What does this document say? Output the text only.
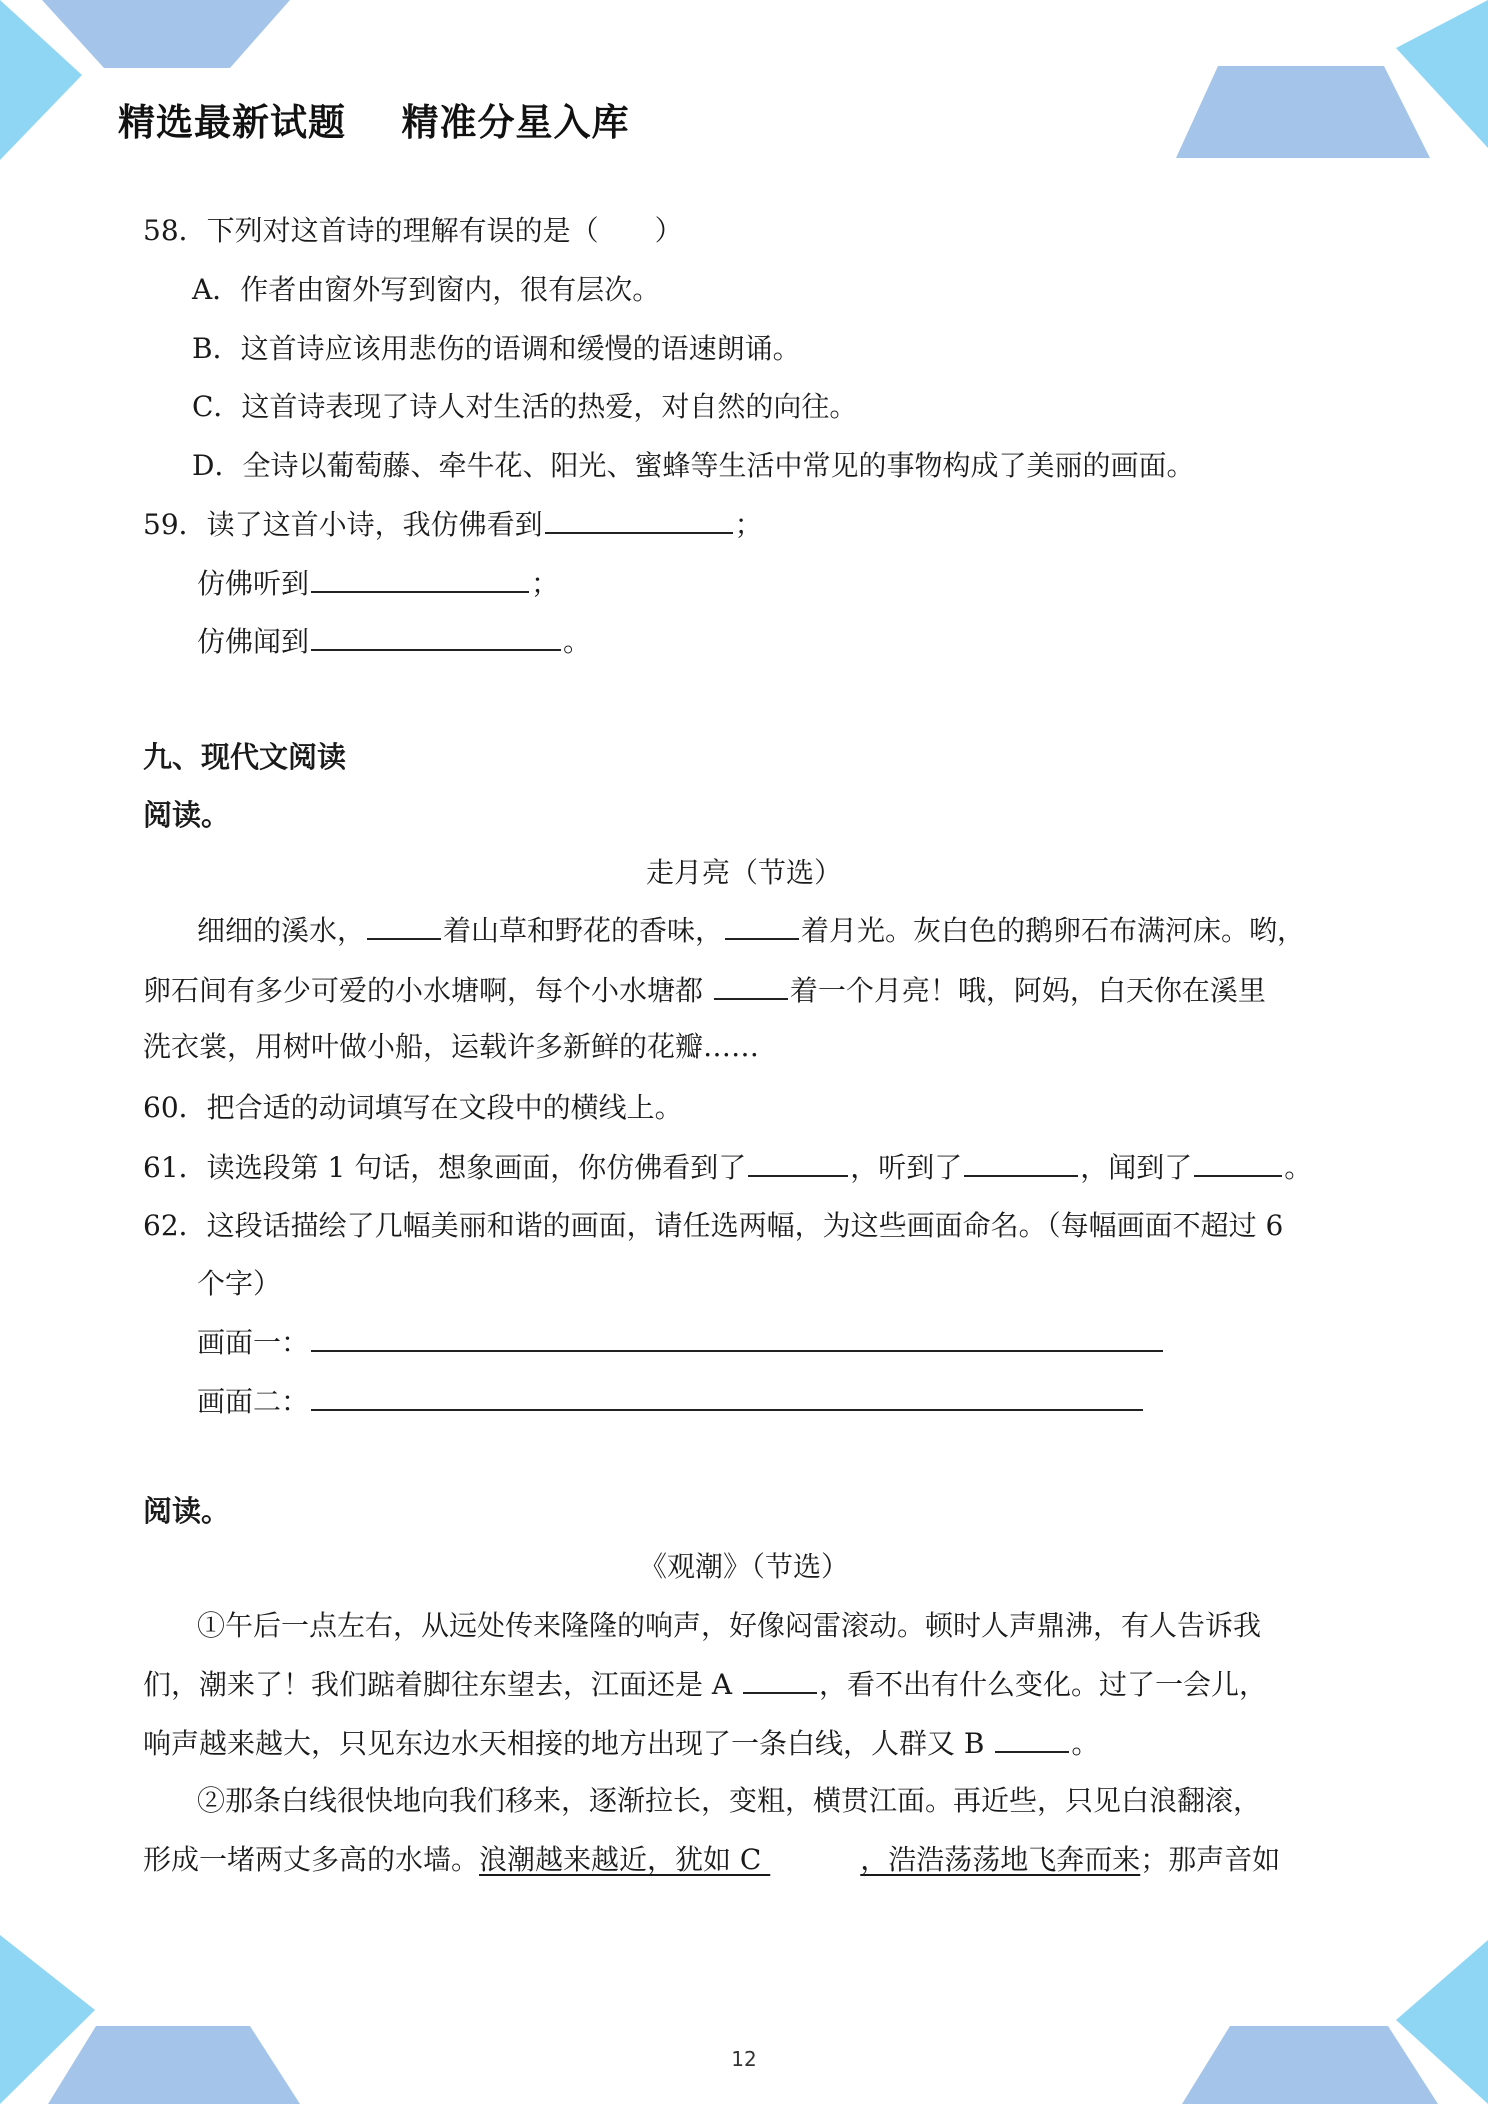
精选最新试题    精准分星入库
58．下列对这首诗的理解有误的是（　　）
A．作者由窗外写到窗内，很有层次。
B．这首诗应该用悲伤的语调和缓慢的语速朗诵。
C．这首诗表现了诗人对生活的热爱，对自然的向往。
D．全诗以葡萄藤、牵牛花、阳光、蜜蜂等生活中常见的事物构成了美丽的画面。
59．读了这首小诗，我仿佛看到	；
仿佛听到	；
仿佛闻到	。
九、现代文阅读
阅读。
走月亮（节选）
细细的溪水，	着山草和野花的香味，	着月光。灰白色的鹅卵石布满河床。哟，
卵石间有多少可爱的小水塘啊，每个小水塘都	着一个月亮！哦，阿妈，白天你在溪里
洗衣裳，用树叶做小船，运载许多新鲜的花瓣……
60．把合适的动词填写在文段中的横线上。
61．读选段第 1 句话，想象画面，你仿佛看到了	，听到了	，闻到了	。
62．这段话描绘了几幅美丽和谐的画面，请任选两幅，为这些画面命名。（每幅画面不超过 6
个字）
画面一：
画面二：
阅读。
《观潮》（节选）
①午后一点左右，从远处传来隆隆的响声，好像闷雷滚动。顿时人声鼎沸，有人告诉我
们，潮来了！我们踮着脚往东望去，江面还是 A	，看不出有什么变化。过了一会儿，
响声越来越大，只见东边水天相接的地方出现了一条白线，人群又 B	。
②那条白线很快地向我们移来，逐渐拉长，变粗，横贯江面。再近些，只见白浪翻滚，
形成一堵两丈多高的水墙。浪潮越来越近，犹如 C	，浩浩荡荡地飞奔而来；那声音如
12
